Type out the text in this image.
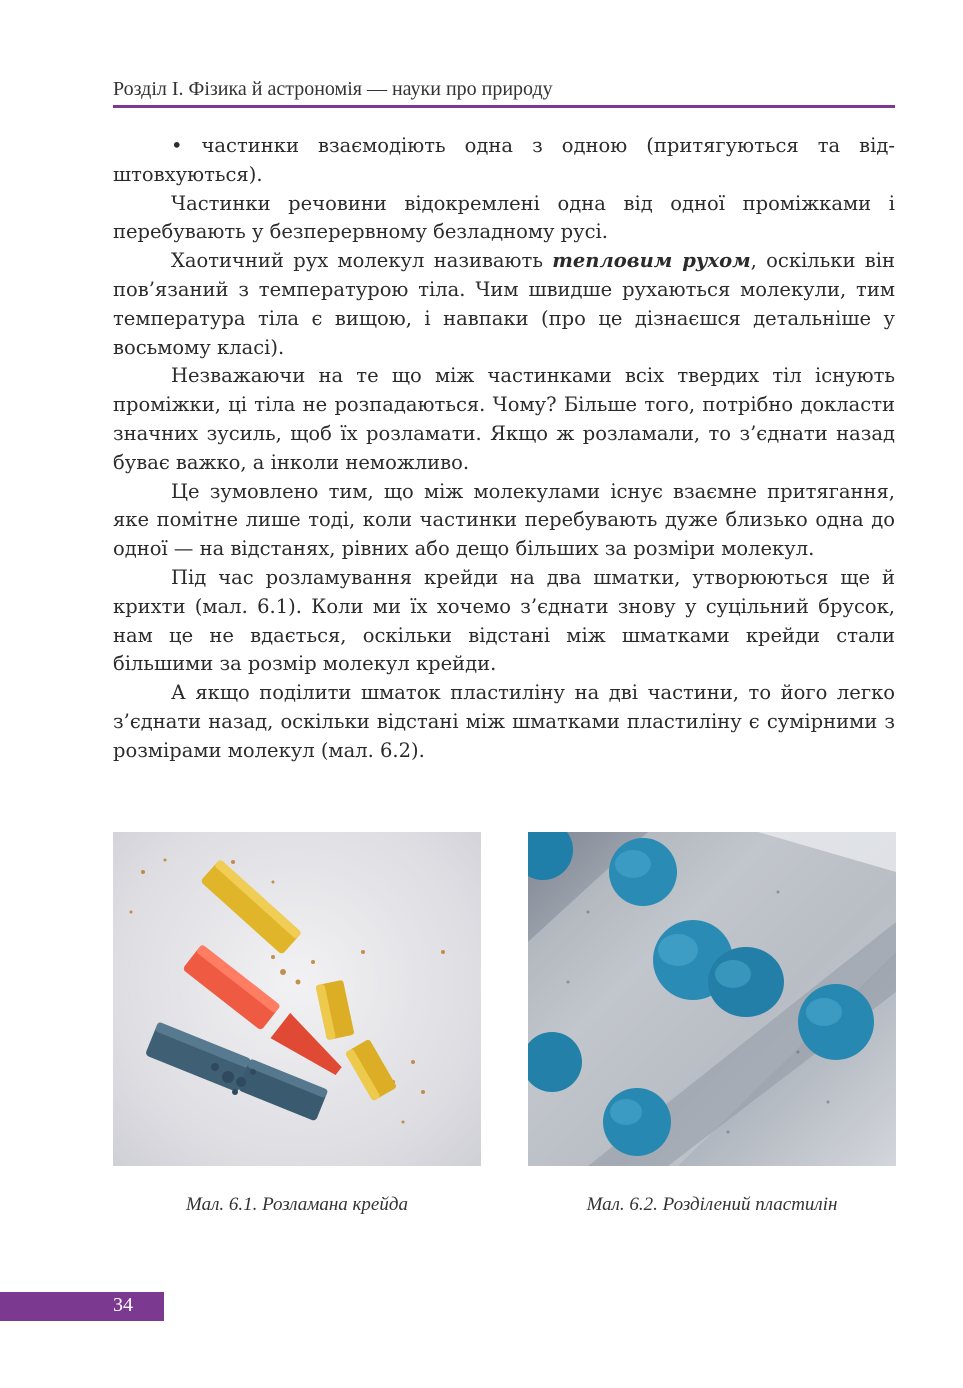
Розділ I. Фізика й астрономія — науки про природу

• частинки взаємодіють одна з одною (притягуються та відштовхуються).

Частинки речовини відокремлені одна від одної проміжками і перебувають у безперервному безладному русі.

Хаотичний рух молекул називають тепловим рухом, оскільки він пов’язаний з температурою тіла. Чим швидше рухаються молекули, тим температура тіла є вищою, і навпаки (про це дізнаєшся детальніше у восьмому класі).

Незважаючи на те що між частинками всіх твердих тіл існують проміжки, ці тіла не розпадаються. Чому? Більше того, потрібно докласти значних зусиль, щоб їх розламати. Якщо ж розламали, то з’єднати назад буває важко, а інколи неможливо.

Це зумовлено тим, що між молекулами існує взаємне притягання, яке помітне лише тоді, коли частинки перебувають дуже близько одна до одної — на відстанях, рівних або дещо більших за розміри молекул.

Під час розламування крейди на два шматки, утворюються ще й крихти (мал. 6.1). Коли ми їх хочемо з’єднати знову у суцільний брусок, нам це не вдається, оскільки відстані між шматками крейди стали більшими за розмір молекул крейди.

А якщо поділити шматок пластиліну на дві частини, то його легко з’єднати назад, оскільки відстані між шматками пластиліну є сумірними з розмірами молекул (мал. 6.2).

Мал. 6.1. Розламана крейда	Мал. 6.2. Розділений пластилін
34
